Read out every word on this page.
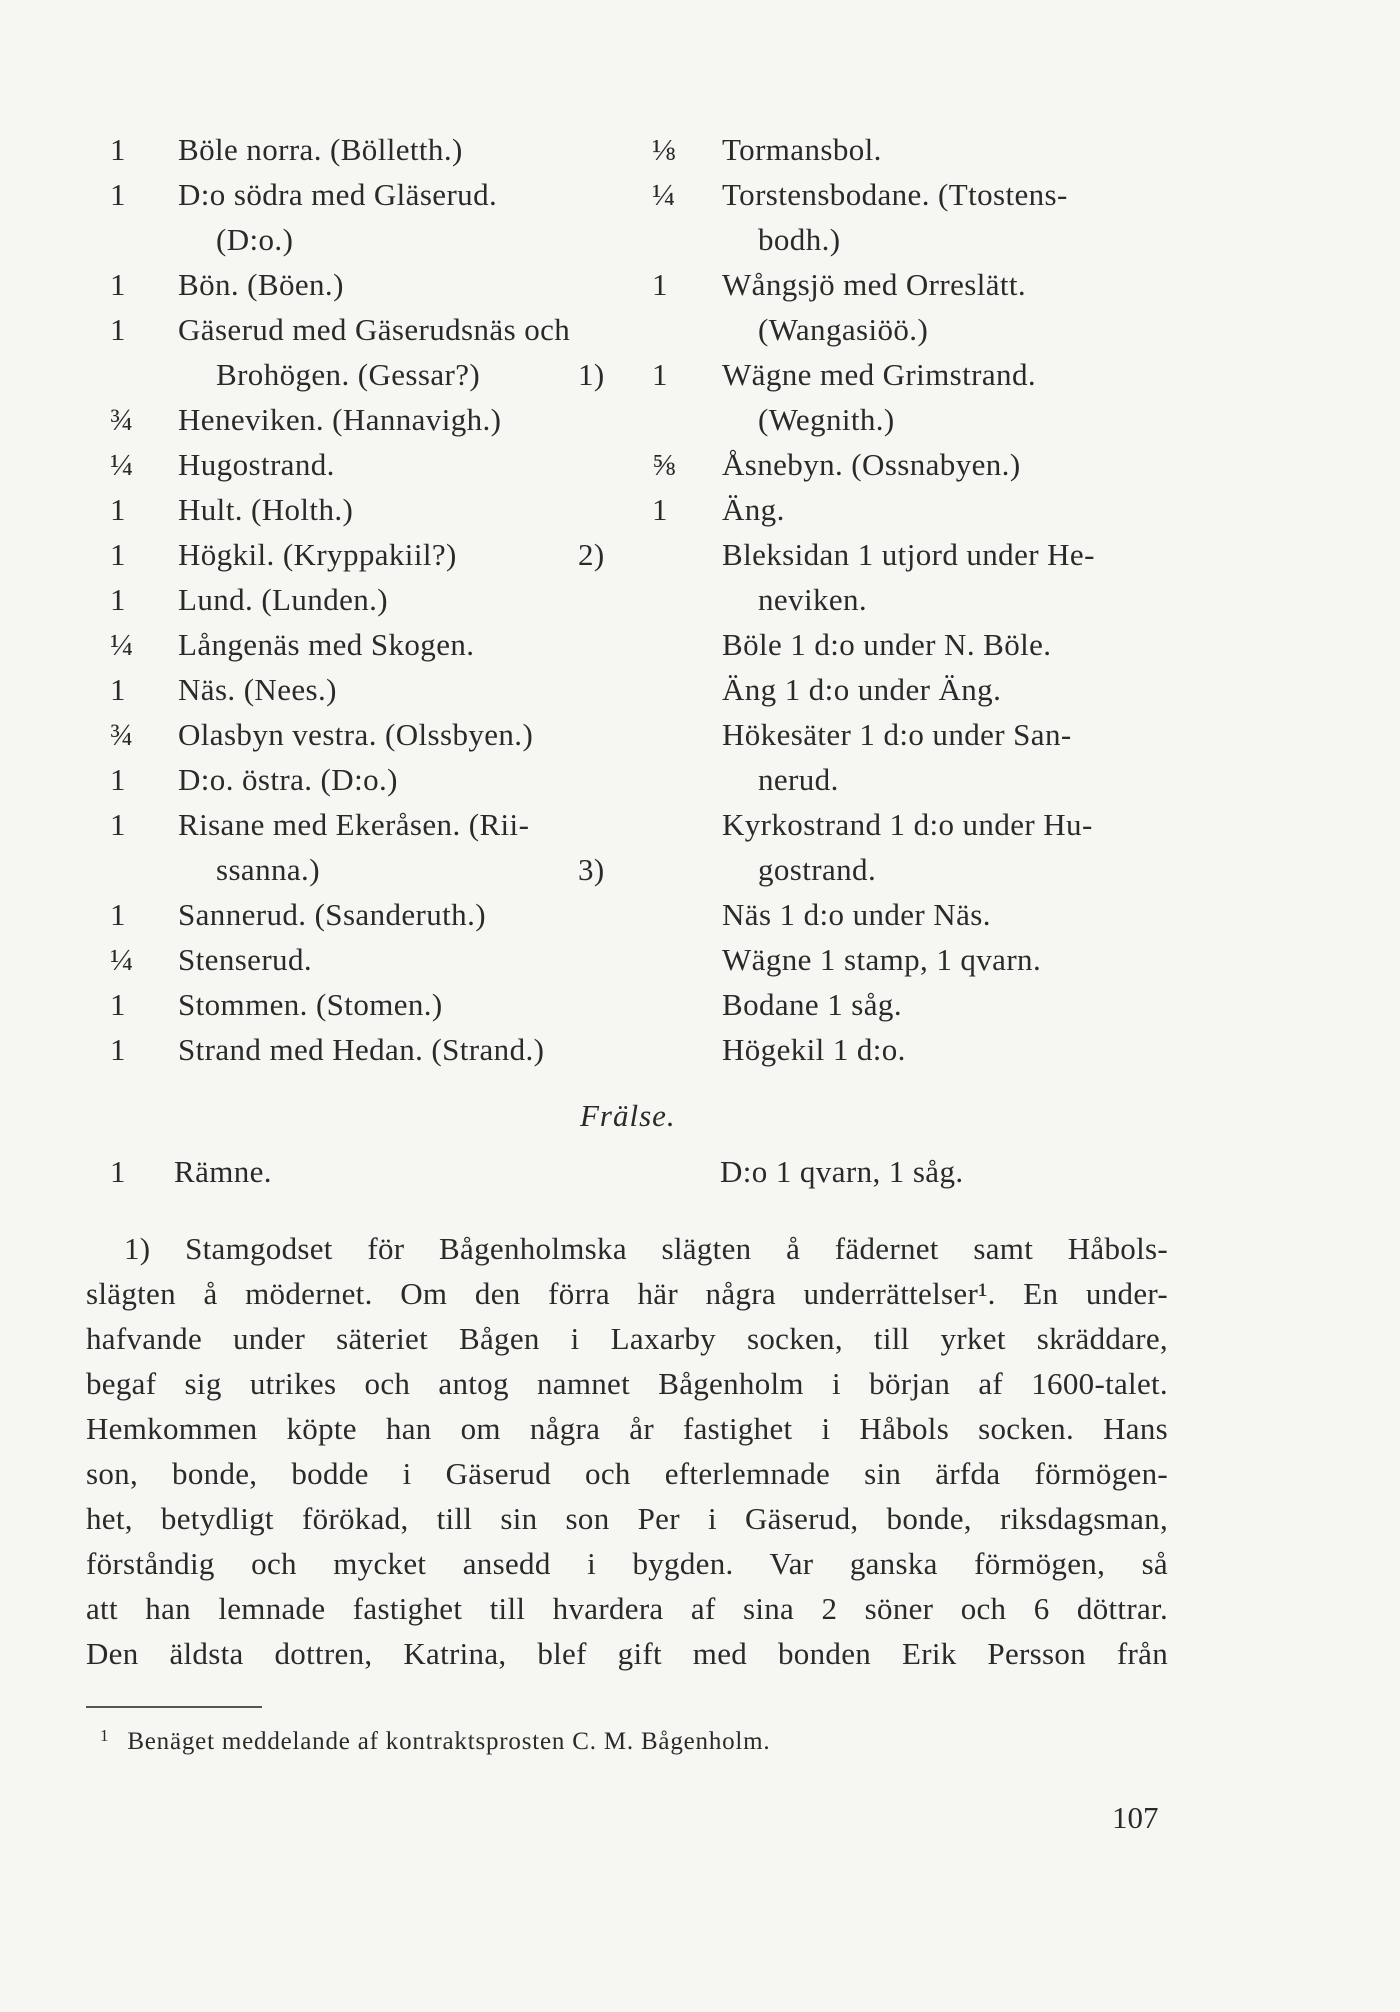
1	Böle norra. (Bölletth.)
1	D:o södra med Gläserud.
(D:o.)
1	Bön. (Böen.)
1	Gäserud med Gäserudsnäs och
Brohögen. (Gessar?)	1)
¾	Heneviken. (Hannavigh.)
¼	Hugostrand.
1	Hult. (Holth.)
1	Högkil. (Kryppakiil?)	2)
1	Lund. (Lunden.)
¼	Långenäs med Skogen.
1	Näs. (Nees.)
¾	Olasbyn vestra. (Olssbyen.)
1	D:o. östra. (D:o.)
1	Risane med Ekeråsen. (Rii-
ssanna.)	3)
1	Sannerud. (Ssanderuth.)
¼	Stenserud.
1	Stommen. (Stomen.)
1	Strand med Hedan. (Strand.)
⅛	Tormansbol.
¼	Torstensbodane. (Ttostens-
bodh.)
1	Wångsjö med Orreslätt.
(Wangasiöö.)
1	Wägne med Grimstrand.
(Wegnith.)
⅝	Åsnebyn. (Ossnabyen.)
1	Äng.
Bleksidan 1 utjord under He-
neviken.
Böle 1 d:o under N. Böle.
Äng 1 d:o under Äng.
Hökesäter 1 d:o under San-
nerud.
Kyrkostrand 1 d:o under Hu-
gostrand.
Näs 1 d:o under Näs.
Wägne 1 stamp, 1 qvarn.
Bodane 1 såg.
Högekil 1 d:o.
Frälse.
1	Rämne.	D:o 1 qvarn, 1 såg.
1) Stamgodset för Bågenholmska slägten å fädernet samt Håbols-
slägten å mödernet. Om den förra här några underrättelser¹. En under-
hafvande under säteriet Bågen i Laxarby socken, till yrket skräddare,
begaf sig utrikes och antog namnet Bågenholm i början af 1600-talet.
Hemkommen köpte han om några år fastighet i Håbols socken. Hans
son, bonde, bodde i Gäserud och efterlemnade sin ärfda förmögen-
het, betydligt förökad, till sin son Per i Gäserud, bonde, riksdagsman,
förståndig och mycket ansedd i bygden. Var ganska förmögen, så
att han lemnade fastighet till hvardera af sina 2 söner och 6 döttrar.
Den äldsta dottren, Katrina, blef gift med bonden Erik Persson från
$^1$ Benäget meddelande af kontraktsprosten C. M. Bågenholm.
107
